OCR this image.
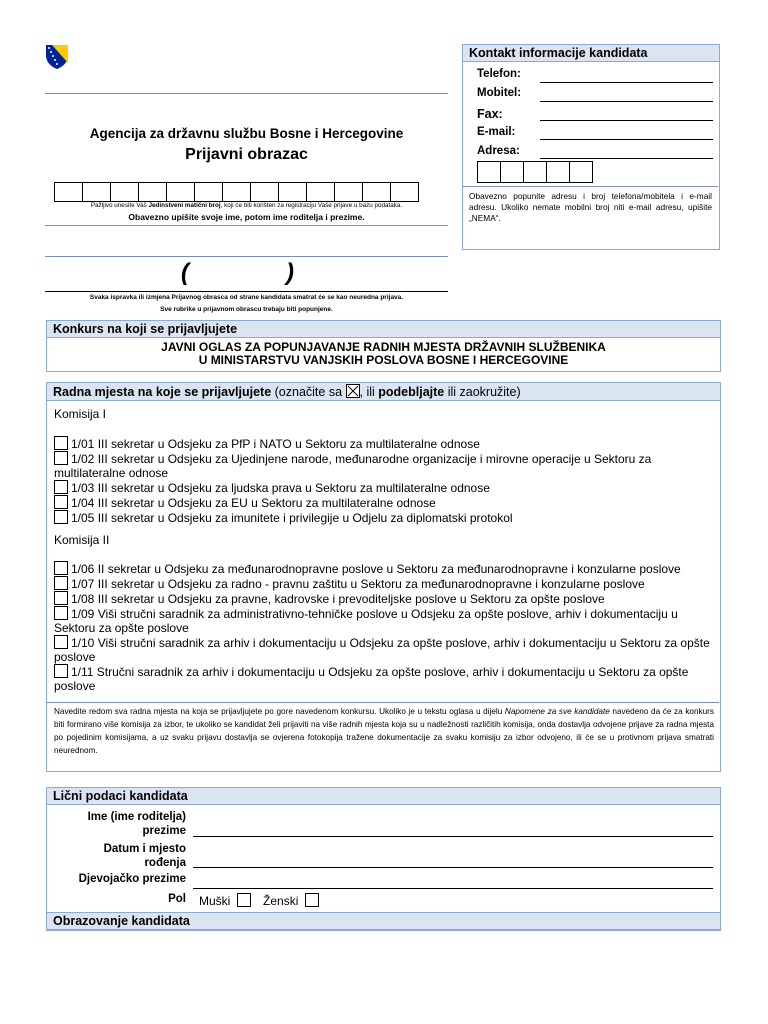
Agencija za državnu službu Bosne i Hercegovine
Prijavni obrazac
Pažljivo unesite Vaš Jedinstveni matični broj, koji će biti korišten za registraciju Vaše prijave u bazu podataka.
Obavezno upišite svoje ime, potom ime roditelja i prezime.
(	)
Svaka ispravka ili izmjena Prijavnog obrasca od strane kandidata smatrat će se kao neuredna prijava.
Sve rubrike u prijavnom obrascu trebaju biti popunjene.
Kontakt informacije kandidata
Telefon:
Mobitel:
Fax:
E-mail:
Adresa:
Obavezno popunite adresu i broj telefona/mobitela i e-mail adresu. Ukoliko nemate mobilni broj niti e-mail adresu, upišite „NEMA“.
Konkurs na koji se prijavljujete
JAVNI OGLAS ZA POPUNJAVANJE RADNIH MJESTA DRŽAVNIH SLUŽBENIKA
U MINISTARSTVU VANJSKIH POSLOVA BOSNE I HERCEGOVINE
Radna mjesta na koje se prijavljujete (označite sa
, ili podebljajte ili zaokružite)
Komisija I
1/01 III sekretar u Odsjeku za PfP i NATO u Sektoru za multilateralne odnose
1/02 III sekretar u Odsjeku za Ujedinjene narode, međunarodne organizacije i mirovne operacije u Sektoru za multilateralne odnose
1/03 III sekretar u Odsjeku za ljudska prava u Sektoru za multilateralne odnose
1/04 III sekretar u Odsjeku za EU u Sektoru za multilateralne odnose
1/05 III sekretar u Odsjeku za imunitete i privilegije u Odjelu za diplomatski protokol
Komisija II
1/06 II sekretar u Odsjeku za međunarodnopravne poslove u Sektoru za međunarodnopravne i konzularne poslove
1/07 III sekretar u Odsjeku za radno - pravnu zaštitu u Sektoru za međunarodnopravne i konzularne poslove
1/08 III sekretar u Odsjeku za pravne, kadrovske i prevoditeljske poslove u Sektoru za opšte poslove
1/09 Viši stručni saradnik za administrativno-tehničke poslove u Odsjeku za opšte poslove, arhiv i dokumentaciju u Sektoru za opšte poslove
1/10 Viši stručni saradnik za arhiv i dokumentaciju u Odsjeku za opšte poslove, arhiv i dokumentaciju u Sektoru za opšte poslove
1/11 Stručni saradnik za arhiv i dokumentaciju u Odsjeku za opšte poslove, arhiv i dokumentaciju u Sektoru za opšte poslove
Navedite redom sva radna mjesta na koja se prijavljujete po gore navedenom konkursu. Ukoliko je u tekstu oglasa u dijelu Napomene za sve kandidate navedeno da će za konkurs biti formirano više komisija za izbor, te ukoliko se kandidat želi prijaviti na više radnih mjesta koja su u nadležnosti različitih komisija, onda dostavlja odvojene prijave za radna mjesta po pojedinim komisijama, a uz svaku prijavu dostavlja se ovjerena fotokopija tražene dokumentacije za svaku komisiju za izbor odvojeno, ili će se u protivnom prijava smatrati neurednom.
Lični podaci kandidata
Ime (ime roditelja)
prezime
Datum i mjesto
rođenja
Djevojačko prezime
Pol Muški	Ženski
Obrazovanje kandidata
